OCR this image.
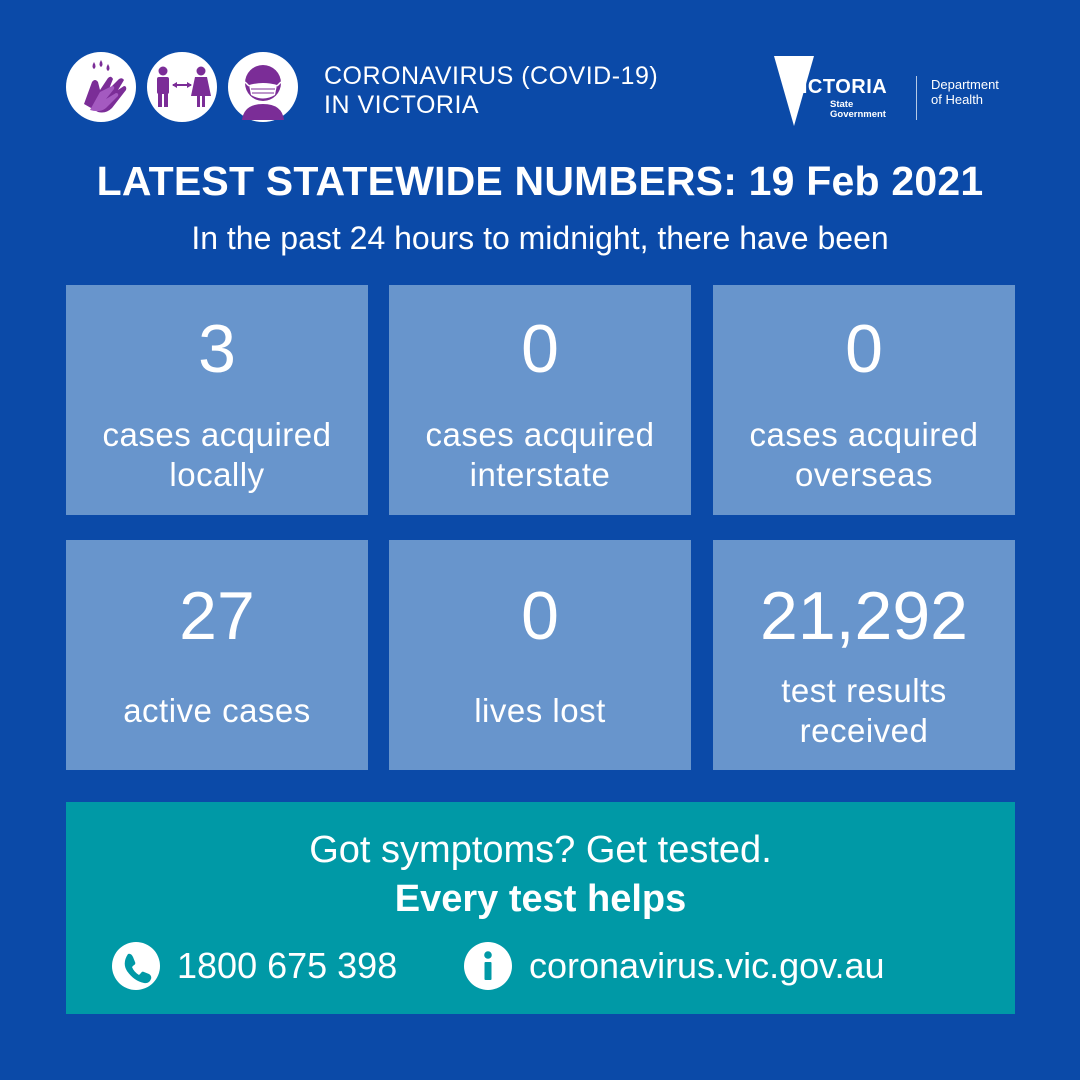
CORONAVIRUS (COVID-19)
IN VICTORIA
VICTORIA
State
Government
Department
of Health
LATEST STATEWIDE NUMBERS: 19 Feb 2021
In the past 24 hours to midnight, there have been
3
cases acquired
locally
0
cases acquired
interstate
0
cases acquired
overseas
27
active cases
0
lives lost
21,292
test results
received
Got symptoms? Get tested.
Every test helps
1800 675 398	coronavirus.vic.gov.au
